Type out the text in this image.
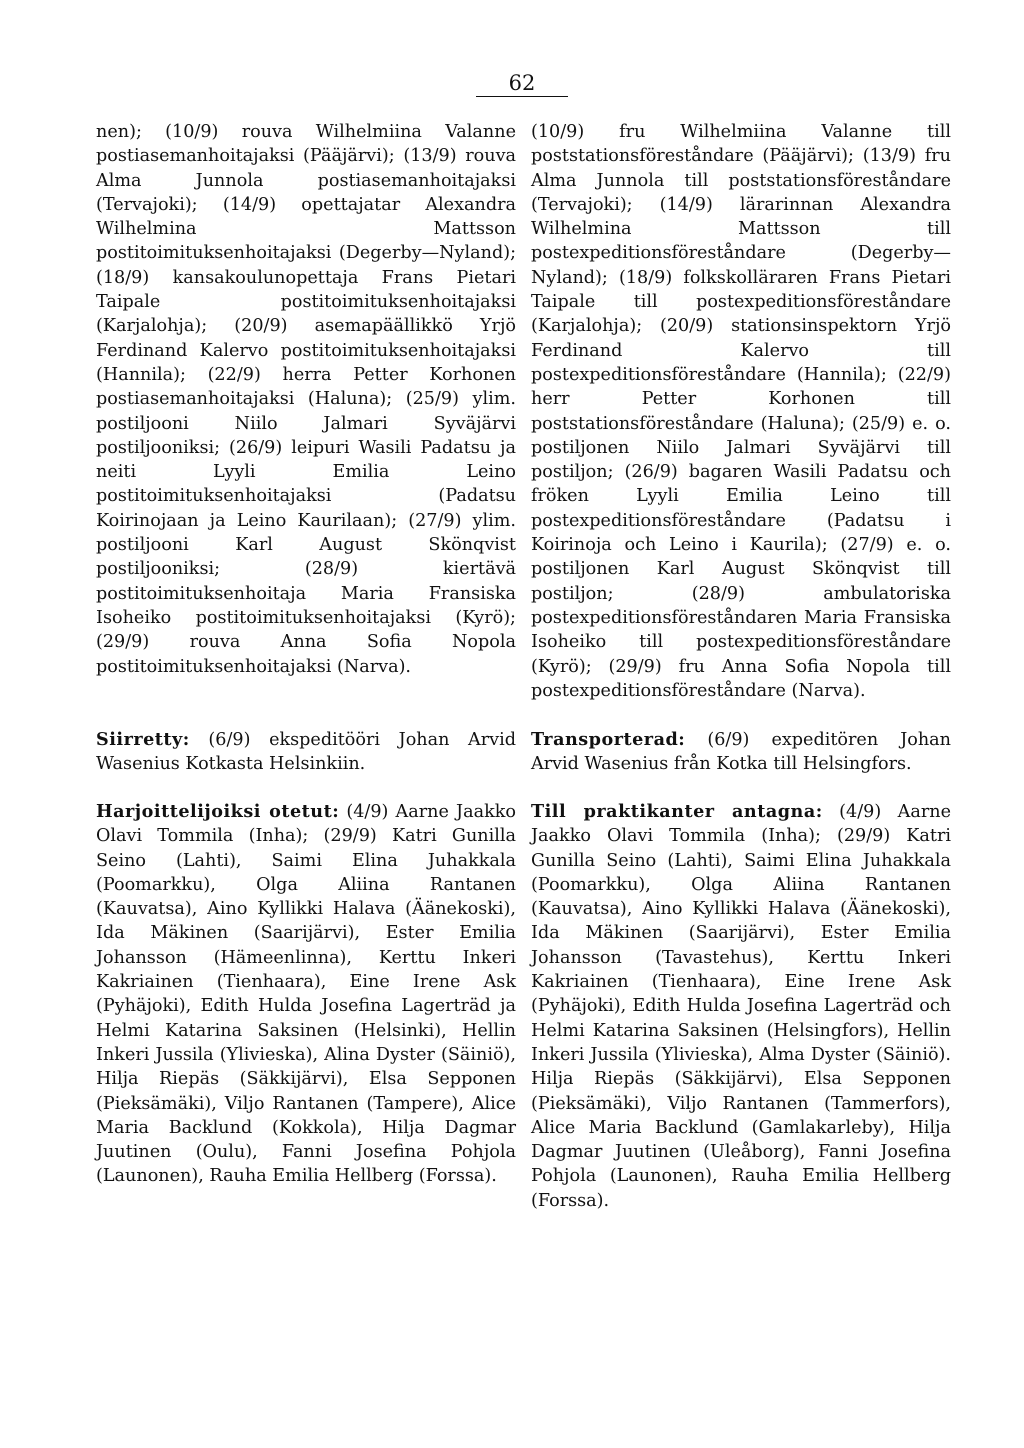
62

nen); (10/9) rouva Wilhelmiina Valanne postiasemanhoitajaksi (Pääjärvi); (13/9) rouva Alma Junnola postiasemanhoitajaksi (Tervajoki); (14/9) opettajatar Alexandra Wilhelmina Mattsson postitoimituksenhoitajaksi (Degerby—Nyland); (18/9) kansakoulunopettaja Frans Pietari Taipale postitoimituksenhoitajaksi (Karjalohja); (20/9) asemapäällikkö Yrjö Ferdinand Kalervo postitoimituksenhoitajaksi (Hannila); (22/9) herra Petter Korhonen postiasemanhoitajaksi (Haluna); (25/9) ylim. postiljooni Niilo Jalmari Syväjärvi postiljooniksi; (26/9) leipuri Wasili Padatsu ja neiti Lyyli Emilia Leino postitoimituksenhoitajaksi (Padatsu Koirinojaan ja Leino Kaurilaan); (27/9) ylim. postiljooni Karl August Skönqvist postiljooniksi; (28/9) kiertävä postitoimituksenhoitaja Maria Fransiska Isoheiko postitoimituksenhoitajaksi (Kyrö); (29/9) rouva Anna Sofia Nopola postitoimituksenhoitajaksi (Narva).

Siirretty: (6/9) ekspeditööri Johan Arvid Wasenius Kotkasta Helsinkiin.

Harjoittelijoiksi otetut: (4/9) Aarne Jaakko Olavi Tommila (Inha); (29/9) Katri Gunilla Seino (Lahti), Saimi Elina Juhakkala (Poomarkku), Olga Aliina Rantanen (Kauvatsa), Aino Kyllikki Halava (Äänekoski), Ida Mäkinen (Saarijärvi), Ester Emilia Johansson (Hämeenlinna), Kerttu Inkeri Kakriainen (Tienhaara), Eine Irene Ask (Pyhäjoki), Edith Hulda Josefina Lagerträd ja Helmi Katarina Saksinen (Helsinki), Hellin Inkeri Jussila (Ylivieska), Alina Dyster (Säiniö), Hilja Riepäs (Säkkijärvi), Elsa Sepponen (Pieksämäki), Viljo Rantanen (Tampere), Alice Maria Backlund (Kokkola), Hilja Dagmar Juutinen (Oulu), Fanni Josefina Pohjola (Launonen), Rauha Emilia Hellberg (Forssa).

(10/9) fru Wilhelmiina Valanne till poststationsföreståndare (Pääjärvi); (13/9) fru Alma Junnola till poststationsföreståndare (Tervajoki); (14/9) lärarinnan Alexandra Wilhelmina Mattsson till postexpeditionsföreståndare (Degerby—Nyland); (18/9) folkskolläraren Frans Pietari Taipale till postexpeditionsföreståndare (Karjalohja); (20/9) stationsinspektorn Yrjö Ferdinand Kalervo till postexpeditionsföreståndare (Hannila); (22/9) herr Petter Korhonen till poststationsföreståndare (Haluna); (25/9) e. o. postiljonen Niilo Jalmari Syväjärvi till postiljon; (26/9) bagaren Wasili Padatsu och fröken Lyyli Emilia Leino till postexpeditionsföreståndare (Padatsu i Koirinoja och Leino i Kaurila); (27/9) e. o. postiljonen Karl August Skönqvist till postiljon; (28/9) ambulatoriska postexpeditionsföreståndaren Maria Fransiska Isoheiko till postexpeditionsföreståndare (Kyrö); (29/9) fru Anna Sofia Nopola till postexpeditionsföreståndare (Narva).

Transporterad: (6/9) expeditören Johan Arvid Wasenius från Kotka till Helsingfors.

Till praktikanter antagna: (4/9) Aarne Jaakko Olavi Tommila (Inha); (29/9) Katri Gunilla Seino (Lahti), Saimi Elina Juhakkala (Poomarkku), Olga Aliina Rantanen (Kauvatsa), Aino Kyllikki Halava (Äänekoski), Ida Mäkinen (Saarijärvi), Ester Emilia Johansson (Tavastehus), Kerttu Inkeri Kakriainen (Tienhaara), Eine Irene Ask (Pyhäjoki), Edith Hulda Josefina Lagerträd och Helmi Katarina Saksinen (Helsingfors), Hellin Inkeri Jussila (Ylivieska), Alma Dyster (Säiniö). Hilja Riepäs (Säkkijärvi), Elsa Sepponen (Pieksämäki), Viljo Rantanen (Tammerfors), Alice Maria Backlund (Gamlakarleby), Hilja Dagmar Juutinen (Uleåborg), Fanni Josefina Pohjola (Launonen), Rauha Emilia Hellberg (Forssa).
